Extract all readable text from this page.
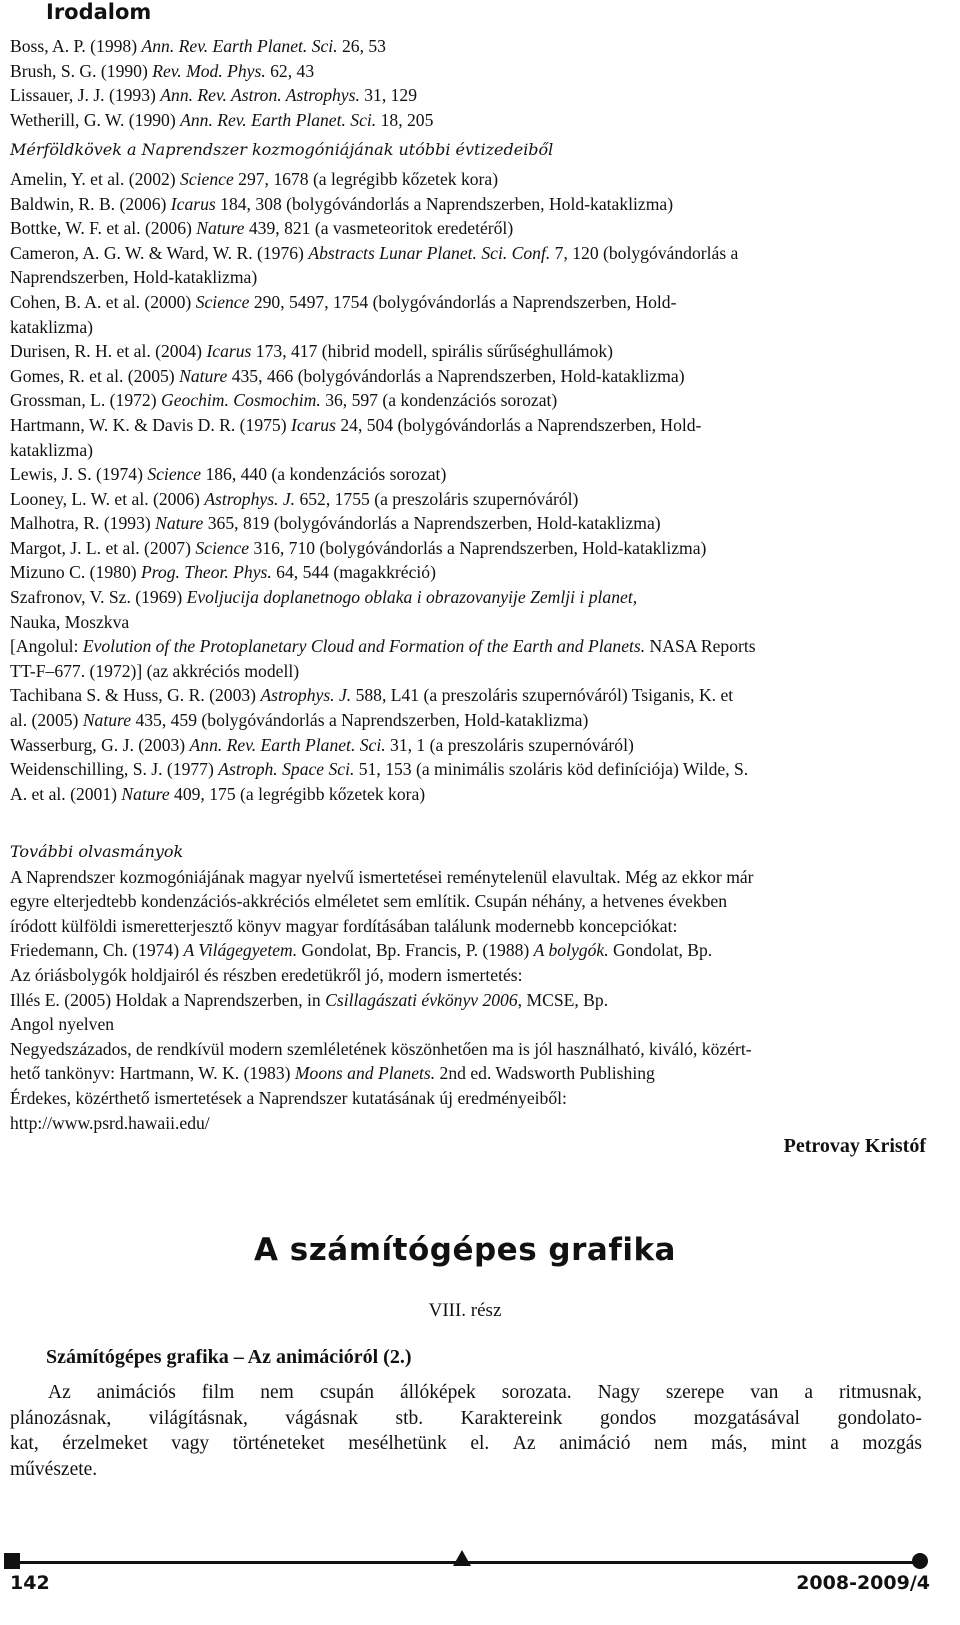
Irodalom
Boss, A. P. (1998) Ann. Rev. Earth Planet. Sci. 26, 53
Brush, S. G. (1990) Rev. Mod. Phys. 62, 43
Lissauer, J. J. (1993) Ann. Rev. Astron. Astrophys. 31, 129
Wetherill, G. W. (1990) Ann. Rev. Earth Planet. Sci. 18, 205
Mérföldkövek a Naprendszer kozmogóniájának utóbbi évtizedeiből
Amelin, Y. et al. (2002) Science 297, 1678 (a legrégibb kőzetek kora)
Baldwin, R. B. (2006) Icarus 184, 308 (bolygóvándorlás a Naprendszerben, Hold-kataklizma)
Bottke, W. F. et al. (2006) Nature 439, 821 (a vasmeteoritok eredetéről)
Cameron, A. G. W. & Ward, W. R. (1976) Abstracts Lunar Planet. Sci. Conf. 7, 120 (bolygóvándorlás a
Naprendszerben, Hold-kataklizma)
Cohen, B. A. et al. (2000) Science 290, 5497, 1754 (bolygóvándorlás a Naprendszerben, Hold-
kataklizma)
Durisen, R. H. et al. (2004) Icarus 173, 417 (hibrid modell, spirális sűrűséghullámok)
Gomes, R. et al. (2005) Nature 435, 466 (bolygóvándorlás a Naprendszerben, Hold-kataklizma)
Grossman, L. (1972) Geochim. Cosmochim. 36, 597 (a kondenzációs sorozat)
Hartmann, W. K. & Davis D. R. (1975) Icarus 24, 504 (bolygóvándorlás a Naprendszerben, Hold-
kataklizma)
Lewis, J. S. (1974) Science 186, 440 (a kondenzációs sorozat)
Looney, L. W. et al. (2006) Astrophys. J. 652, 1755 (a preszoláris szupernóváról)
Malhotra, R. (1993) Nature 365, 819 (bolygóvándorlás a Naprendszerben, Hold-kataklizma)
Margot, J. L. et al. (2007) Science 316, 710 (bolygóvándorlás a Naprendszerben, Hold-kataklizma)
Mizuno C. (1980) Prog. Theor. Phys. 64, 544 (magakkréció)
Szafronov, V. Sz. (1969) Evoljucija doplanetnogo oblaka i obrazovanyije Zemlji i planet,
Nauka, Moszkva
[Angolul: Evolution of the Protoplanetary Cloud and Formation of the Earth and Planets. NASA Reports
TT-F–677. (1972)] (az akkréciós modell)
Tachibana S. & Huss, G. R. (2003) Astrophys. J. 588, L41 (a preszoláris szupernóváról) Tsiganis, K. et
al. (2005) Nature 435, 459 (bolygóvándorlás a Naprendszerben, Hold-kataklizma)
Wasserburg, G. J. (2003) Ann. Rev. Earth Planet. Sci. 31, 1 (a preszoláris szupernóváról)
Weidenschilling, S. J. (1977) Astroph. Space Sci. 51, 153 (a minimális szoláris köd definíciója) Wilde, S.
A. et al. (2001) Nature 409, 175 (a legrégibb kőzetek kora)
További olvasmányok
A Naprendszer kozmogóniájának magyar nyelvű ismertetései reménytelenül elavultak. Még az ekkor már
egyre elterjedtebb kondenzációs-akkréciós elméletet sem említik. Csupán néhány, a hetvenes években
íródott külföldi ismeretterjesztő könyv magyar fordításában találunk modernebb koncepciókat:
Friedemann, Ch. (1974) A Világegyetem. Gondolat, Bp. Francis, P. (1988) A bolygók. Gondolat, Bp.
Az óriásbolygók holdjairól és részben eredetükről jó, modern ismertetés:
Illés E. (2005) Holdak a Naprendszerben, in Csillagászati évkönyv 2006, MCSE, Bp.
Angol nyelven
Negyedszázados, de rendkívül modern szemléletének köszönhetően ma is jól használható, kiváló, közért-
hető tankönyv: Hartmann, W. K. (1983) Moons and Planets. 2nd ed. Wadsworth Publishing
Érdekes, közérthető ismertetések a Naprendszer kutatásának új eredményeiből:
http://www.psrd.hawaii.edu/
Petrovay Kristóf
A számítógépes grafika
VIII. rész
Számítógépes grafika – Az animációról (2.)
Az animációs film nem csupán állóképek sorozata. Nagy szerepe van a ritmusnak,
plánozásnak, világításnak, vágásnak stb. Karaktereink gondos mozgatásával gondolato-
kat, érzelmeket vagy történeteket mesélhetünk el. Az animáció nem más, mint a mozgás
művészete.
142	2008-2009/4
